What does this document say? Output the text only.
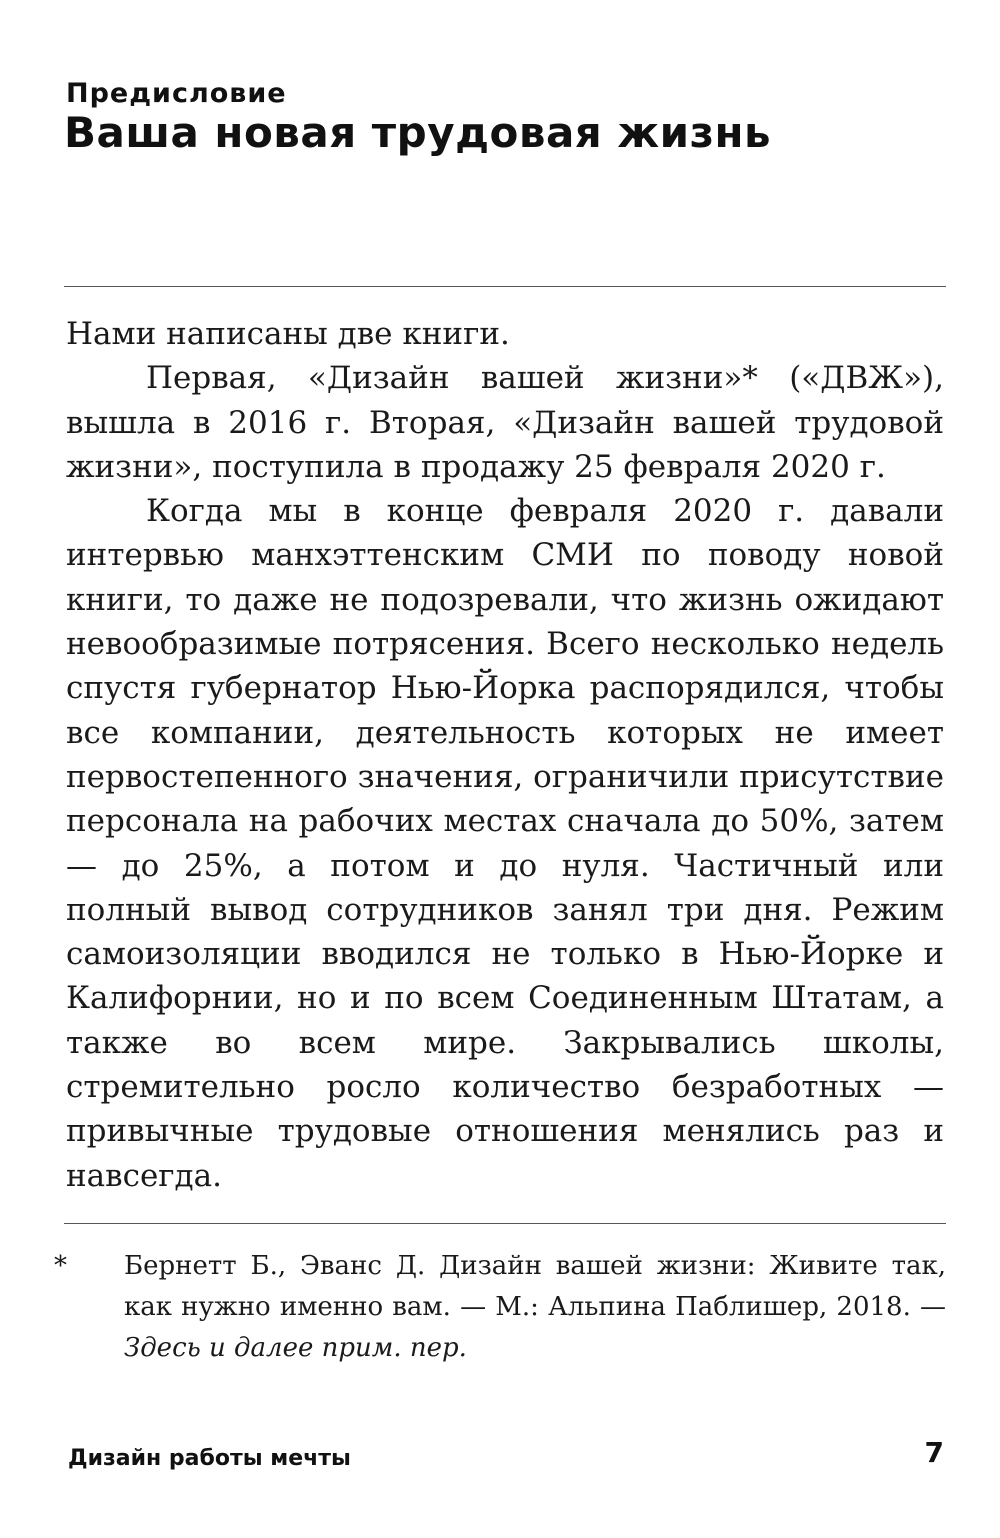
Предисловие
Ваша новая трудовая жизнь

Нами написаны две книги.

Первая, «Дизайн вашей жизни»* («ДВЖ»), вышла в 2016 г. Вторая, «Дизайн вашей трудовой жизни», поступила в продажу 25 февраля 2020 г.

Когда мы в конце февраля 2020 г. давали интервью манхэттенским СМИ по поводу новой книги, то даже не подозревали, что жизнь ожидают невообразимые потрясения. Всего несколько недель спустя губернатор Нью-Йорка распорядился, чтобы все компании, деятельность которых не имеет первостепенного значения, ограничили присутствие персонала на рабочих местах сначала до 50%, затем — до 25%, а потом и до нуля. Частичный или полный вывод сотрудников занял три дня. Режим самоизоляции вводился не только в Нью-Йорке и Калифорнии, но и по всем Соединенным Штатам, а также во всем мире. Закрывались школы, стремительно росло количество безработных — привычные трудовые отношения менялись раз и навсегда.

* Бернетт Б., Эванс Д. Дизайн вашей жизни: Живите так, как нужно именно вам. — М.: Альпина Паблишер, 2018. — Здесь и далее прим. пер.
Дизайн работы мечты	7
